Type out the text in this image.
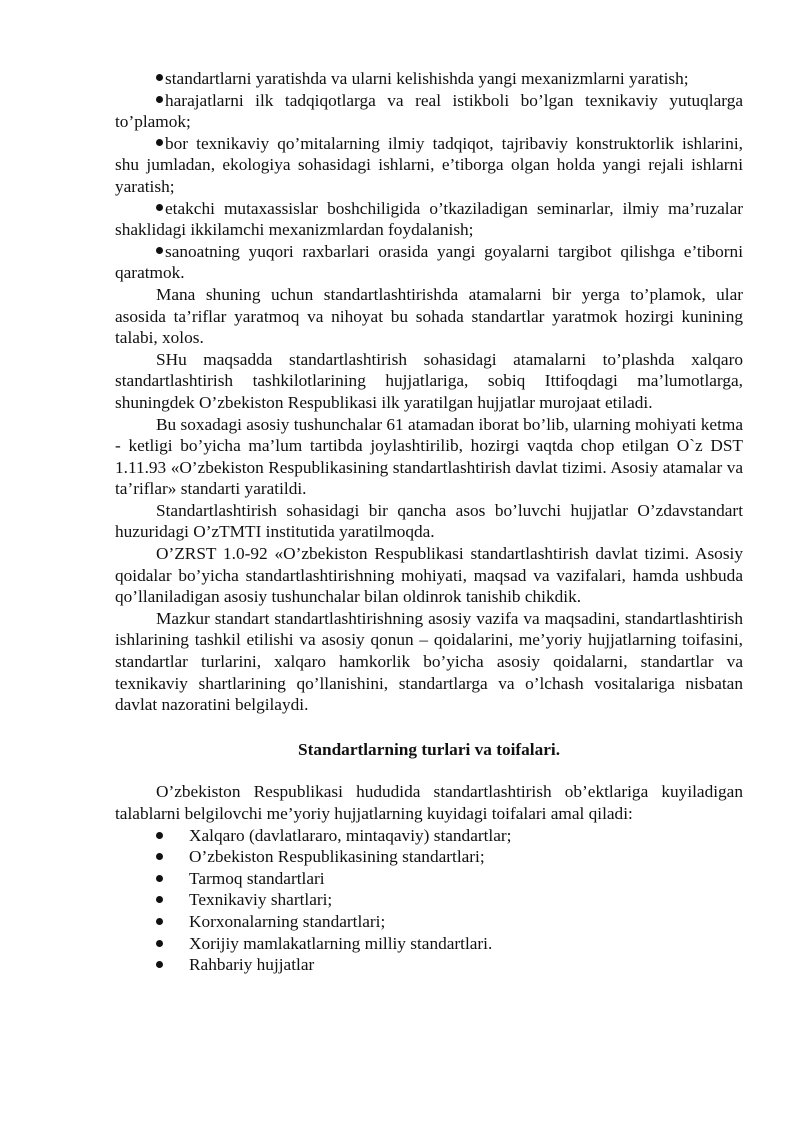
standartlarni yaratishda va ularni kelishishda yangi mexanizmlarni yaratish;

harajatlarni ilk tadqiqotlarga va real istikboli bo’lgan texnikaviy yutuqlarga to’plamok;

bor texnikaviy qo’mitalarning ilmiy tadqiqot, tajribaviy konstruktorlik ishlarini, shu jumladan, ekologiya sohasidagi ishlarni, e’tiborga olgan holda yangi rejali ishlarni yaratish;

etakchi mutaxassislar boshchiligida o’tkaziladigan seminarlar, ilmiy ma’ruzalar shaklidagi ikkilamchi mexanizmlardan foydalanish;

sanoatning yuqori raxbarlari orasida yangi goyalarni targibot qilishga e’tiborni qaratmok.

Mana shuning uchun standartlashtirishda atamalarni bir yerga to’plamok, ular asosida ta’riflar yaratmoq va nihoyat bu sohada standartlar yaratmok hozirgi kunining talabi, xolos.

SHu maqsadda standartlashtirish sohasidagi atamalarni to’plashda xalqaro standartlashtirish tashkilotlarining hujjatlariga, sobiq Ittifoqdagi ma’lumotlarga, shuningdek O’zbekiston Respublikasi ilk yaratilgan hujjatlar murojaat etiladi.

Bu soxadagi asosiy tushunchalar 61 atamadan iborat bo’lib, ularning mohiyati ketma - ketligi bo’yicha ma’lum tartibda joylashtirilib, hozirgi vaqtda chop etilgan O`z DST 1.11.93 «O’zbekiston Respublikasining standartlashtirish davlat tizimi. Asosiy atamalar va ta’riflar» standarti yaratildi.

Standartlashtirish sohasidagi bir qancha asos bo’luvchi hujjatlar O’zdavstandart huzuridagi O’zTMTI institutida yaratilmoqda.

O’ZRST 1.0-92 «O’zbekiston Respublikasi standartlashtirish davlat tizimi. Asosiy qoidalar bo’yicha standartlashtirishning mohiyati, maqsad va vazifalari, hamda ushbuda qo’llaniladigan asosiy tushunchalar bilan oldinrok tanishib chikdik.

Mazkur standart standartlashtirishning asosiy vazifa va maqsadini, standartlashtirish ishlarining tashkil etilishi va asosiy qonun – qoidalarini, me’yoriy hujjatlarning toifasini, standartlar turlarini, xalqaro hamkorlik bo’yicha asosiy qoidalarni, standartlar va texnikaviy shartlarining qo’llanishini, standartlarga va o’lchash vositalariga nisbatan davlat nazoratini belgilaydi.

Standartlarning turlari va toifalari.

O’zbekiston Respublikasi hududida standartlashtirish ob’ektlariga kuyiladigan talablarni belgilovchi me’yoriy hujjatlarning kuyidagi toifalari amal qiladi:

Xalqaro (davlatlararo, mintaqaviy) standartlar;
O’zbekiston Respublikasining standartlari;
Tarmoq standartlari
Texnikaviy shartlari;
Korxonalarning standartlari;
Xorijiy mamlakatlarning milliy standartlari.
Rahbariy hujjatlar
